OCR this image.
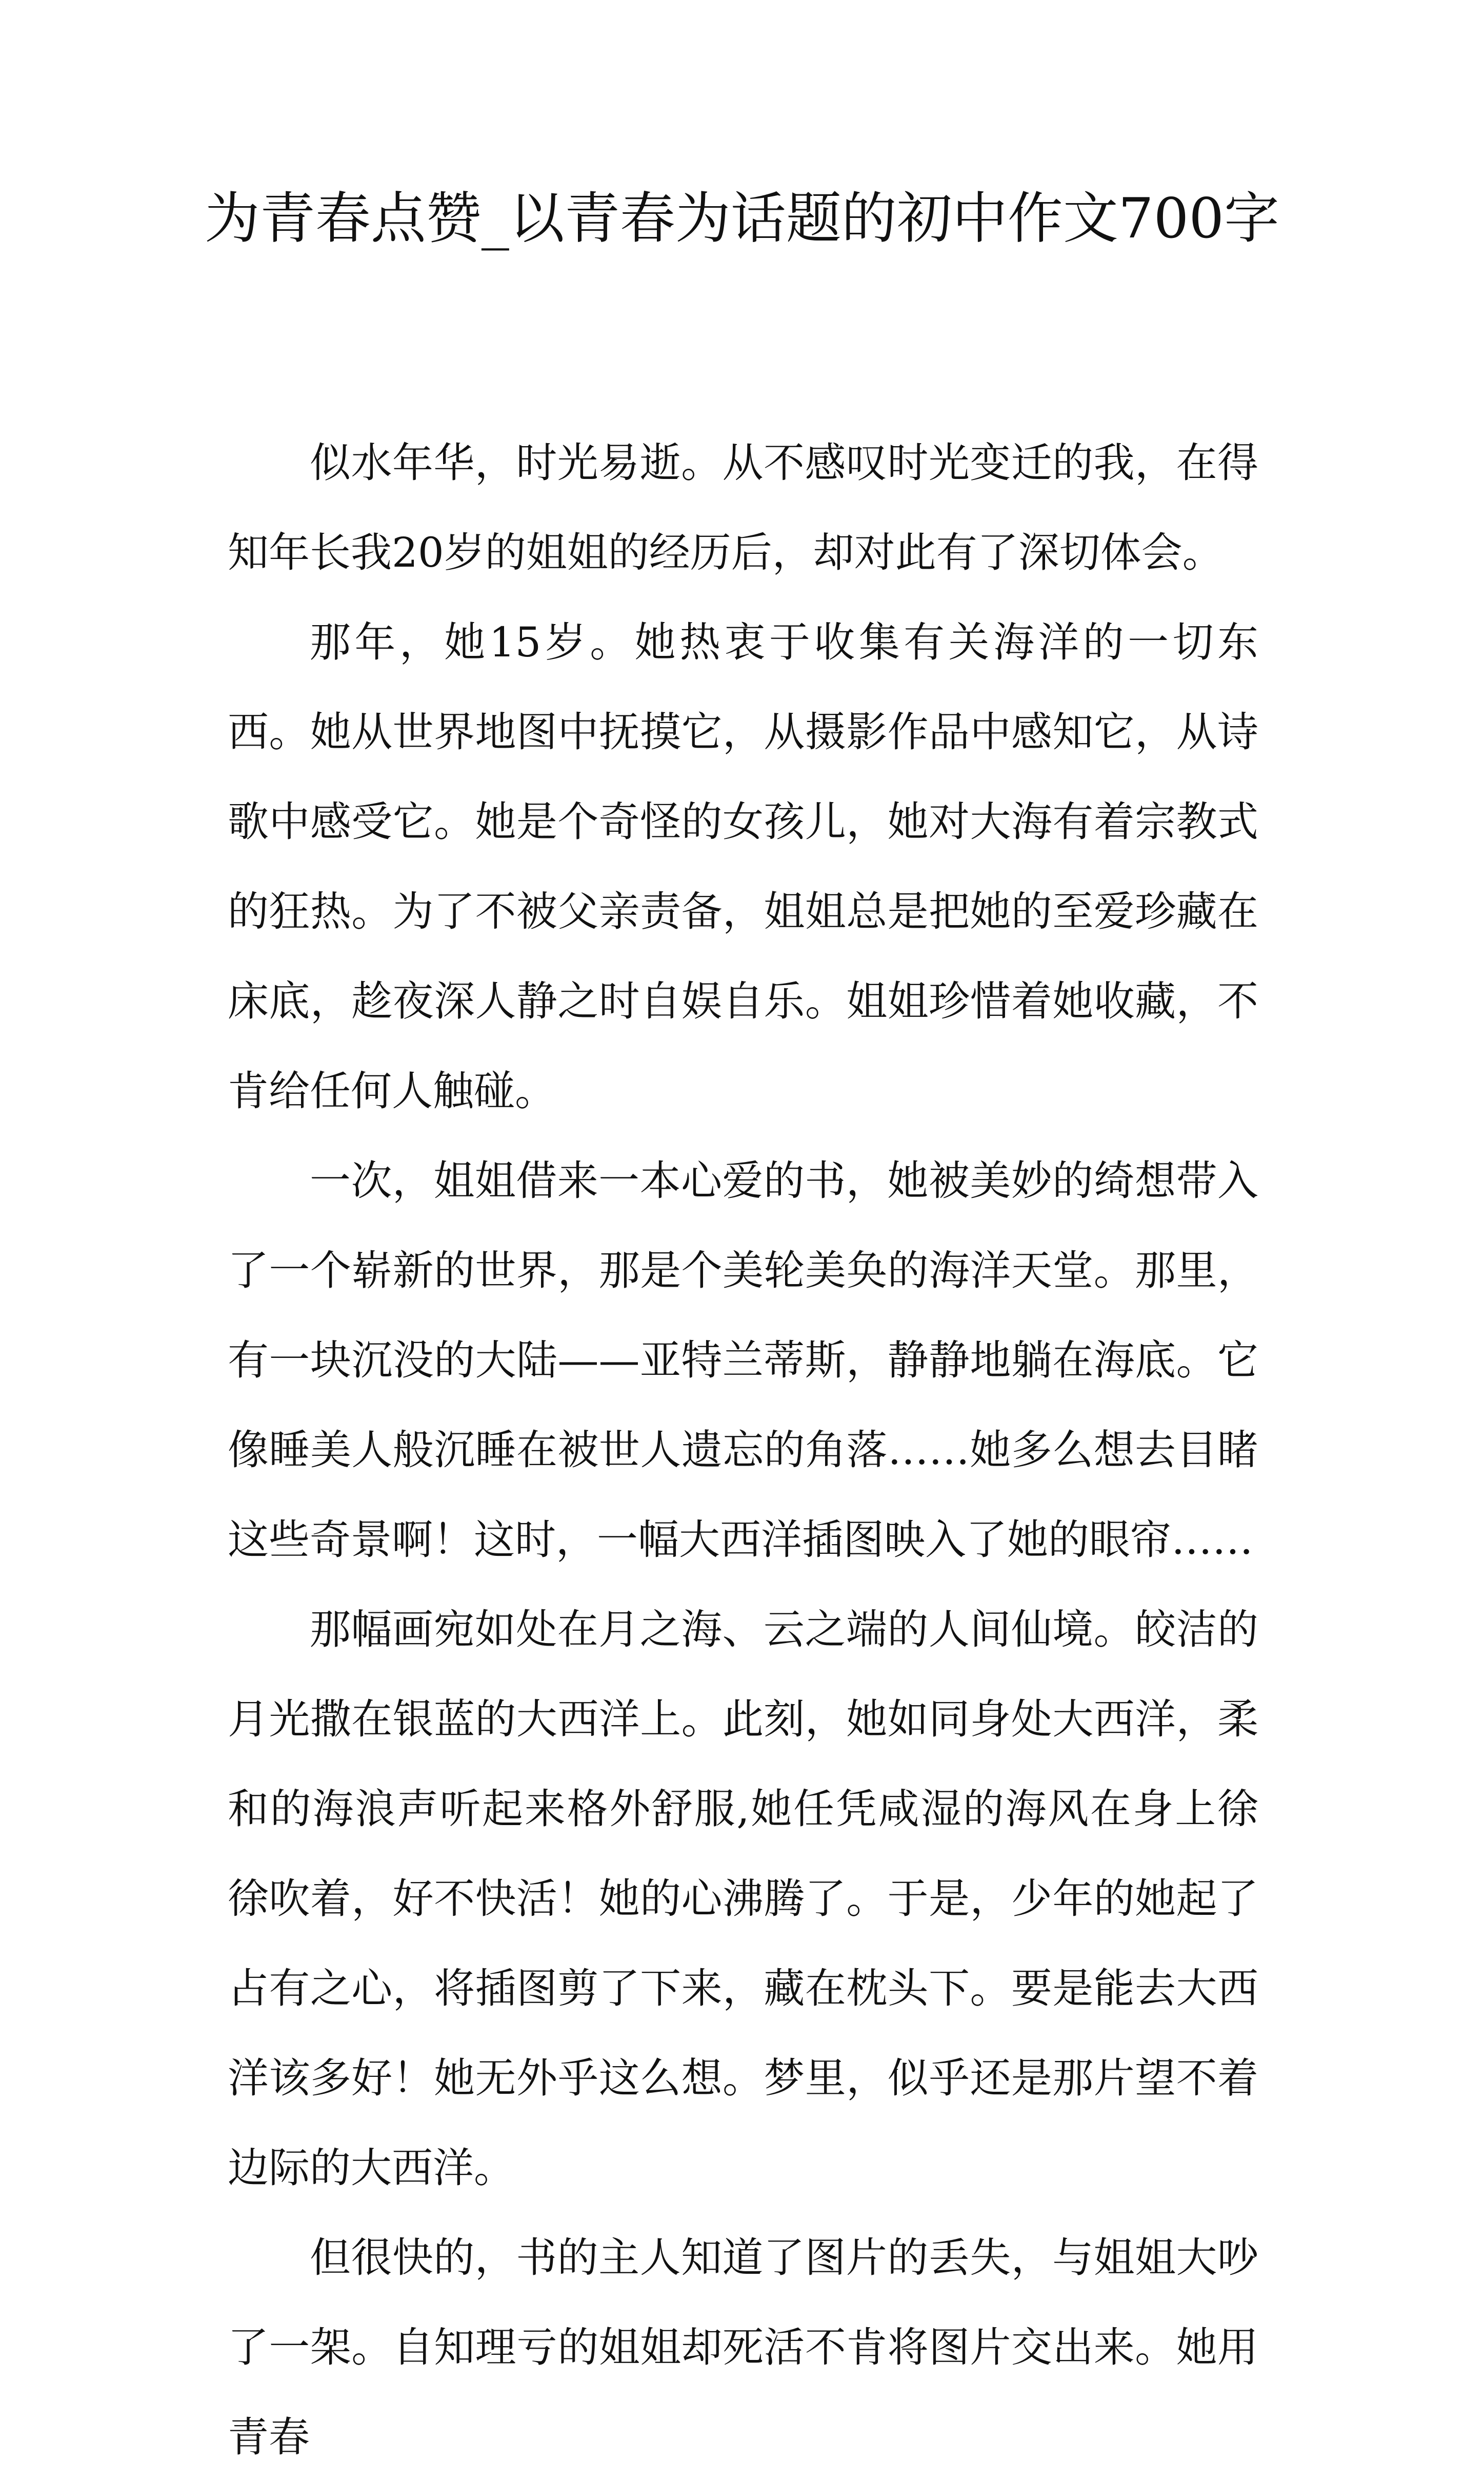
为青春点赞_以青春为话题的初中作文700字

似水年华，时光易逝。从不感叹时光变迁的我，在得知年长我20岁的姐姐的经历后，却对此有了深切体会。

那年，她15岁。她热衷于收集有关海洋的一切东西。她从世界地图中抚摸它，从摄影作品中感知它，从诗歌中感受它。她是个奇怪的女孩儿，她对大海有着宗教式的狂热。为了不被父亲责备，姐姐总是把她的至爱珍藏在床底，趁夜深人静之时自娱自乐。姐姐珍惜着她收藏，不肯给任何人触碰。

一次，姐姐借来一本心爱的书，她被美妙的绮想带入了一个崭新的世界，那是个美轮美奂的海洋天堂。那里，有一块沉没的大陆——亚特兰蒂斯，静静地躺在海底。它像睡美人般沉睡在被世人遗忘的角落……她多么想去目睹这些奇景啊！这时，一幅大西洋插图映入了她的眼帘……

那幅画宛如处在月之海、云之端的人间仙境。皎洁的月光撒在银蓝的大西洋上。此刻，她如同身处大西洋，柔和的海浪声听起来格外舒服,她任凭咸湿的海风在身上徐徐吹着，好不快活！她的心沸腾了。于是，少年的她起了占有之心，将插图剪了下来，藏在枕头下。要是能去大西洋该多好！她无外乎这么想。梦里，似乎还是那片望不着边际的大西洋。

但很快的，书的主人知道了图片的丢失，与姐姐大吵了一架。自知理亏的姐姐却死活不肯将图片交出来。她用青春
